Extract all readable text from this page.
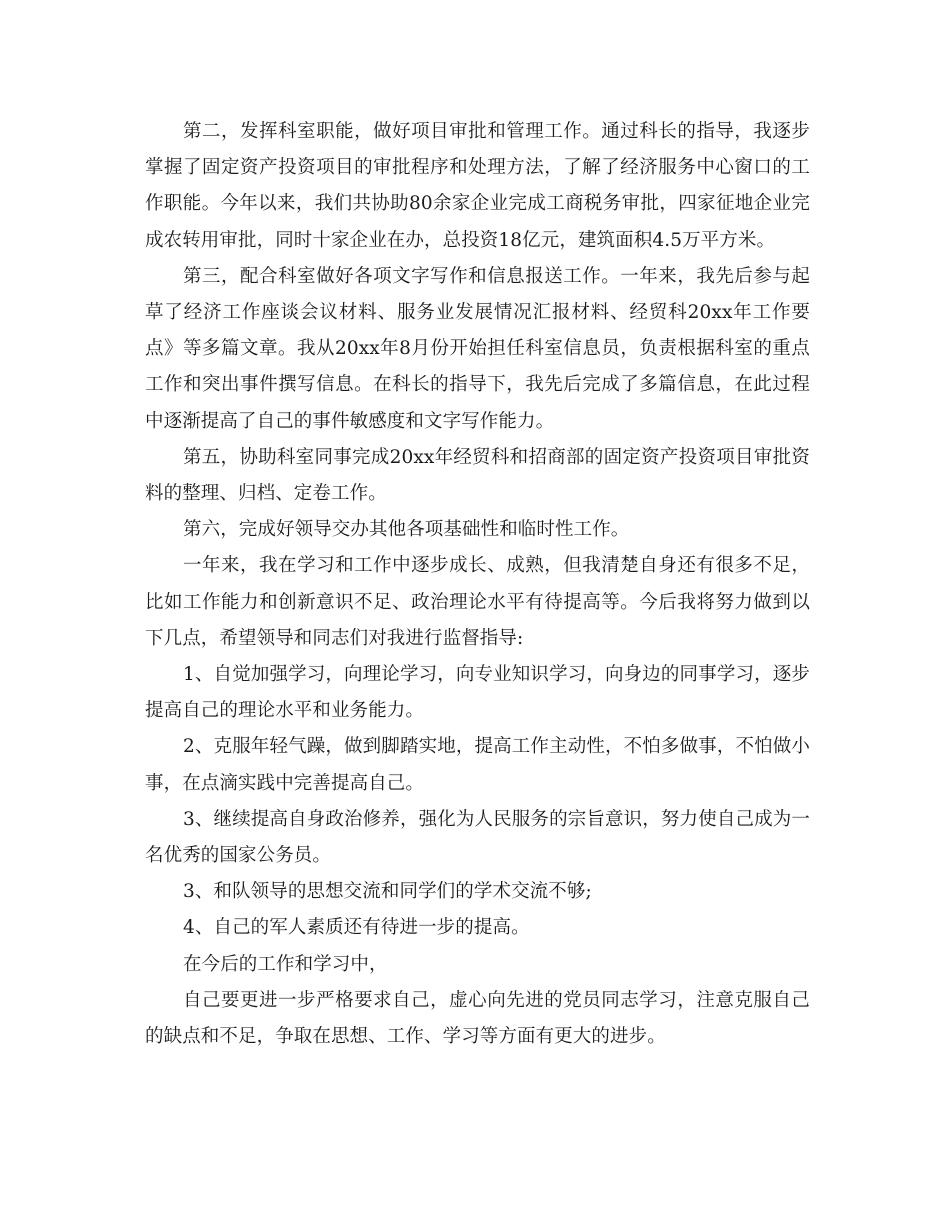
第二，发挥科室职能，做好项目审批和管理工作。通过科长的指导，我逐步掌握了固定资产投资项目的审批程序和处理方法，了解了经济服务中心窗口的工作职能。今年以来，我们共协助80余家企业完成工商税务审批，四家征地企业完成农转用审批，同时十家企业在办，总投资18亿元，建筑面积4.5万平方米。

第三，配合科室做好各项文字写作和信息报送工作。一年来，我先后参与起草了经济工作座谈会议材料、服务业发展情况汇报材料、经贸科20xx年工作要点》等多篇文章。我从20xx年8月份开始担任科室信息员，负责根据科室的重点工作和突出事件撰写信息。在科长的指导下，我先后完成了多篇信息，在此过程中逐渐提高了自己的事件敏感度和文字写作能力。

第五，协助科室同事完成20xx年经贸科和招商部的固定资产投资项目审批资料的整理、归档、定卷工作。

第六，完成好领导交办其他各项基础性和临时性工作。

一年来，我在学习和工作中逐步成长、成熟，但我清楚自身还有很多不足，比如工作能力和创新意识不足、政治理论水平有待提高等。今后我将努力做到以下几点，希望领导和同志们对我进行监督指导:

1、自觉加强学习，向理论学习，向专业知识学习，向身边的同事学习，逐步提高自己的理论水平和业务能力。

2、克服年轻气躁，做到脚踏实地，提高工作主动性，不怕多做事，不怕做小事，在点滴实践中完善提高自己。

3、继续提高自身政治修养，强化为人民服务的宗旨意识，努力使自己成为一名优秀的国家公务员。

3、和队领导的思想交流和同学们的学术交流不够;

4、自己的军人素质还有待进一步的提高。

在今后的工作和学习中，

自己要更进一步严格要求自己，虚心向先进的党员同志学习，注意克服自己的缺点和不足，争取在思想、工作、学习等方面有更大的进步。
